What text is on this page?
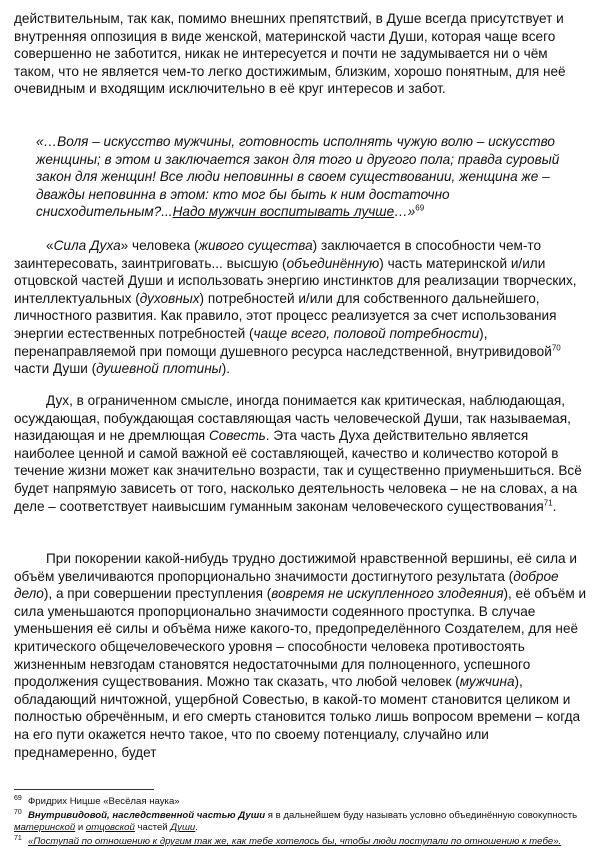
действительным, так как, помимо внешних препятствий, в Душе всегда присутствует и внутренняя оппозиция в виде женской, материнской части Души, которая чаще всего совершенно не заботится, никак не интересуется и почти не задумывается ни о чём таком, что не является чем-то легко достижимым, близким, хорошо понятным, для неё очевидным и входящим исключительно в её круг интересов и забот.

«…Воля – искусство мужчины, готовность исполнять чужую волю – искусство женщины; в этом и заключается закон для того и другого пола; правда суровый закон для женщин! Все люди неповинны в своем существовании, женщина же – дважды неповинна в этом: кто мог бы быть к ним достаточно снисходительным?...Надо мужчин воспитывать лучше…»$^{69}$

«Сила Духа» человека (живого существа) заключается в способности чем-то заинтересовать, заинтриговать... высшую (объединённую) часть материнской и/или отцовской частей Души и использовать энергию инстинктов для реализации творческих, интеллектуальных (духовных) потребностей и/или для собственного дальнейшего, личностного развития. Как правило, этот процесс реализуется за счет использования энергии естественных потребностей (чаще всего, половой потребности), перенаправляемой при помощи душевного ресурса наследственной, внутривидовой$^{70}$ части Души (душевной плотины).

Дух, в ограниченном смысле, иногда понимается как критическая, наблюдающая, осуждающая, побуждающая составляющая часть человеческой Души, так называемая, назидающая и не дремлющая Совесть. Эта часть Духа действительно является наиболее ценной и самой важной её составляющей, качество и количество которой в течение жизни может как значительно возрасти, так и существенно приуменьшиться. Всё будет напрямую зависеть от того, насколько деятельность человека – не на словах, а на деле – соответствует наивысшим гуманным законам человеческого существования$^{71}$.

При покорении какой-нибудь трудно достижимой нравственной вершины, её сила и объём увеличиваются пропорционально значимости достигнутого результата (доброе дело), а при совершении преступления (вовремя не искупленного злодеяния), её объём и сила уменьшаются пропорционально значимости содеянного проступка. В случае уменьшения её силы и объёма ниже какого-то, предопределённого Создателем, для неё критического общечеловеческого уровня – способности человека противостоять жизненным невзгодам становятся недостаточными для полноценного, успешного продолжения существования. Можно так сказать, что любой человек (мужчина), обладающий ничтожной, ущербной Совестью, в какой-то момент становится целиком и полностью обречённым, и его смерть становится только лишь вопросом времени – когда на его пути окажется нечто такое, что по своему потенциалу, случайно или преднамеренно, будет

69 Фридрих Ницше «Весёлая наука»
70 Внутривидовой, наследственной частью Души я в дальнейшем буду называть условно объединённую совокупность материнской и отцовской частей Души.
71 «Поступай по отношению к другим так же, как тебе хотелось бы, чтобы люди поступали по отношению к тебе».
